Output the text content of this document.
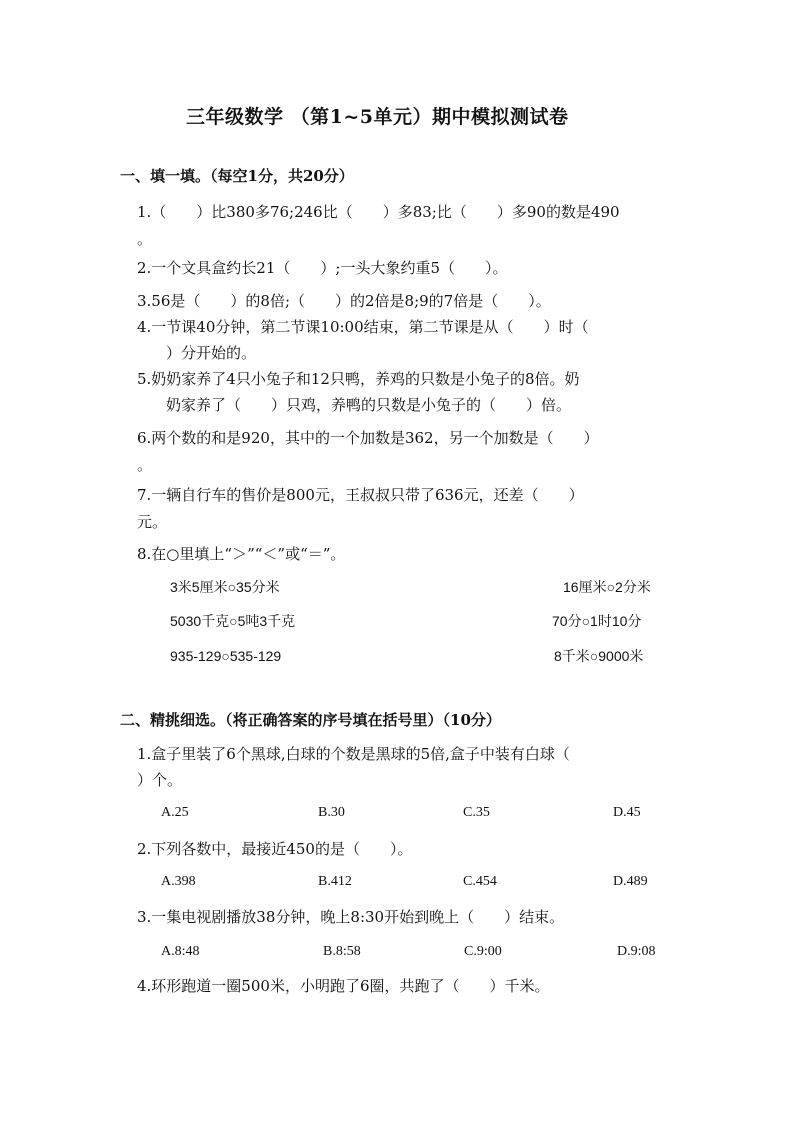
三年级数学 （第1~5单元）期中模拟测试卷
一、填一填。（每空1分，共20分）
1.（　　）比380多76;246比（　　）多83;比（　　）多90的数是490
。
2.一个文具盒约长21（　　）;一头大象约重5（　　）。
3.56是（　　）的8倍;（　　）的2倍是8;9的7倍是（　　）。
4.一节课40分钟，第二节课10:00结束，第二节课是从（　　）时（
）分开始的。
5.奶奶家养了4只小兔子和12只鸭，养鸡的只数是小兔子的8倍。奶
奶家养了（　　）只鸡，养鸭的只数是小兔子的（　　）倍。
6.两个数的和是920，其中的一个加数是362，另一个加数是（　　）
。
7.一辆自行车的售价是800元，王叔叔只带了636元，还差（　　）
元。
8.在○里填上“＞”“＜”或“＝”。
3米5厘米○35分米	16厘米○2分米
5030千克○5吨3千克	70分○1时10分
935-129○535-129	8千米○9000米
二、精挑细选。（将正确答案的序号填在括号里）（10分）
1.盒子里装了6个黑球,白球的个数是黑球的5倍,盒子中装有白球（
）个。
A.25	B.30	C.35	D.45
2.下列各数中，最接近450的是（　　）。
A.398	B.412	C.454	D.489
3.一集电视剧播放38分钟，晚上8:30开始到晚上（　　）结束。
A.8:48	B.8:58	C.9:00	D.9:08
4.环形跑道一圈500米，小明跑了6圈，共跑了（　　）千米。
